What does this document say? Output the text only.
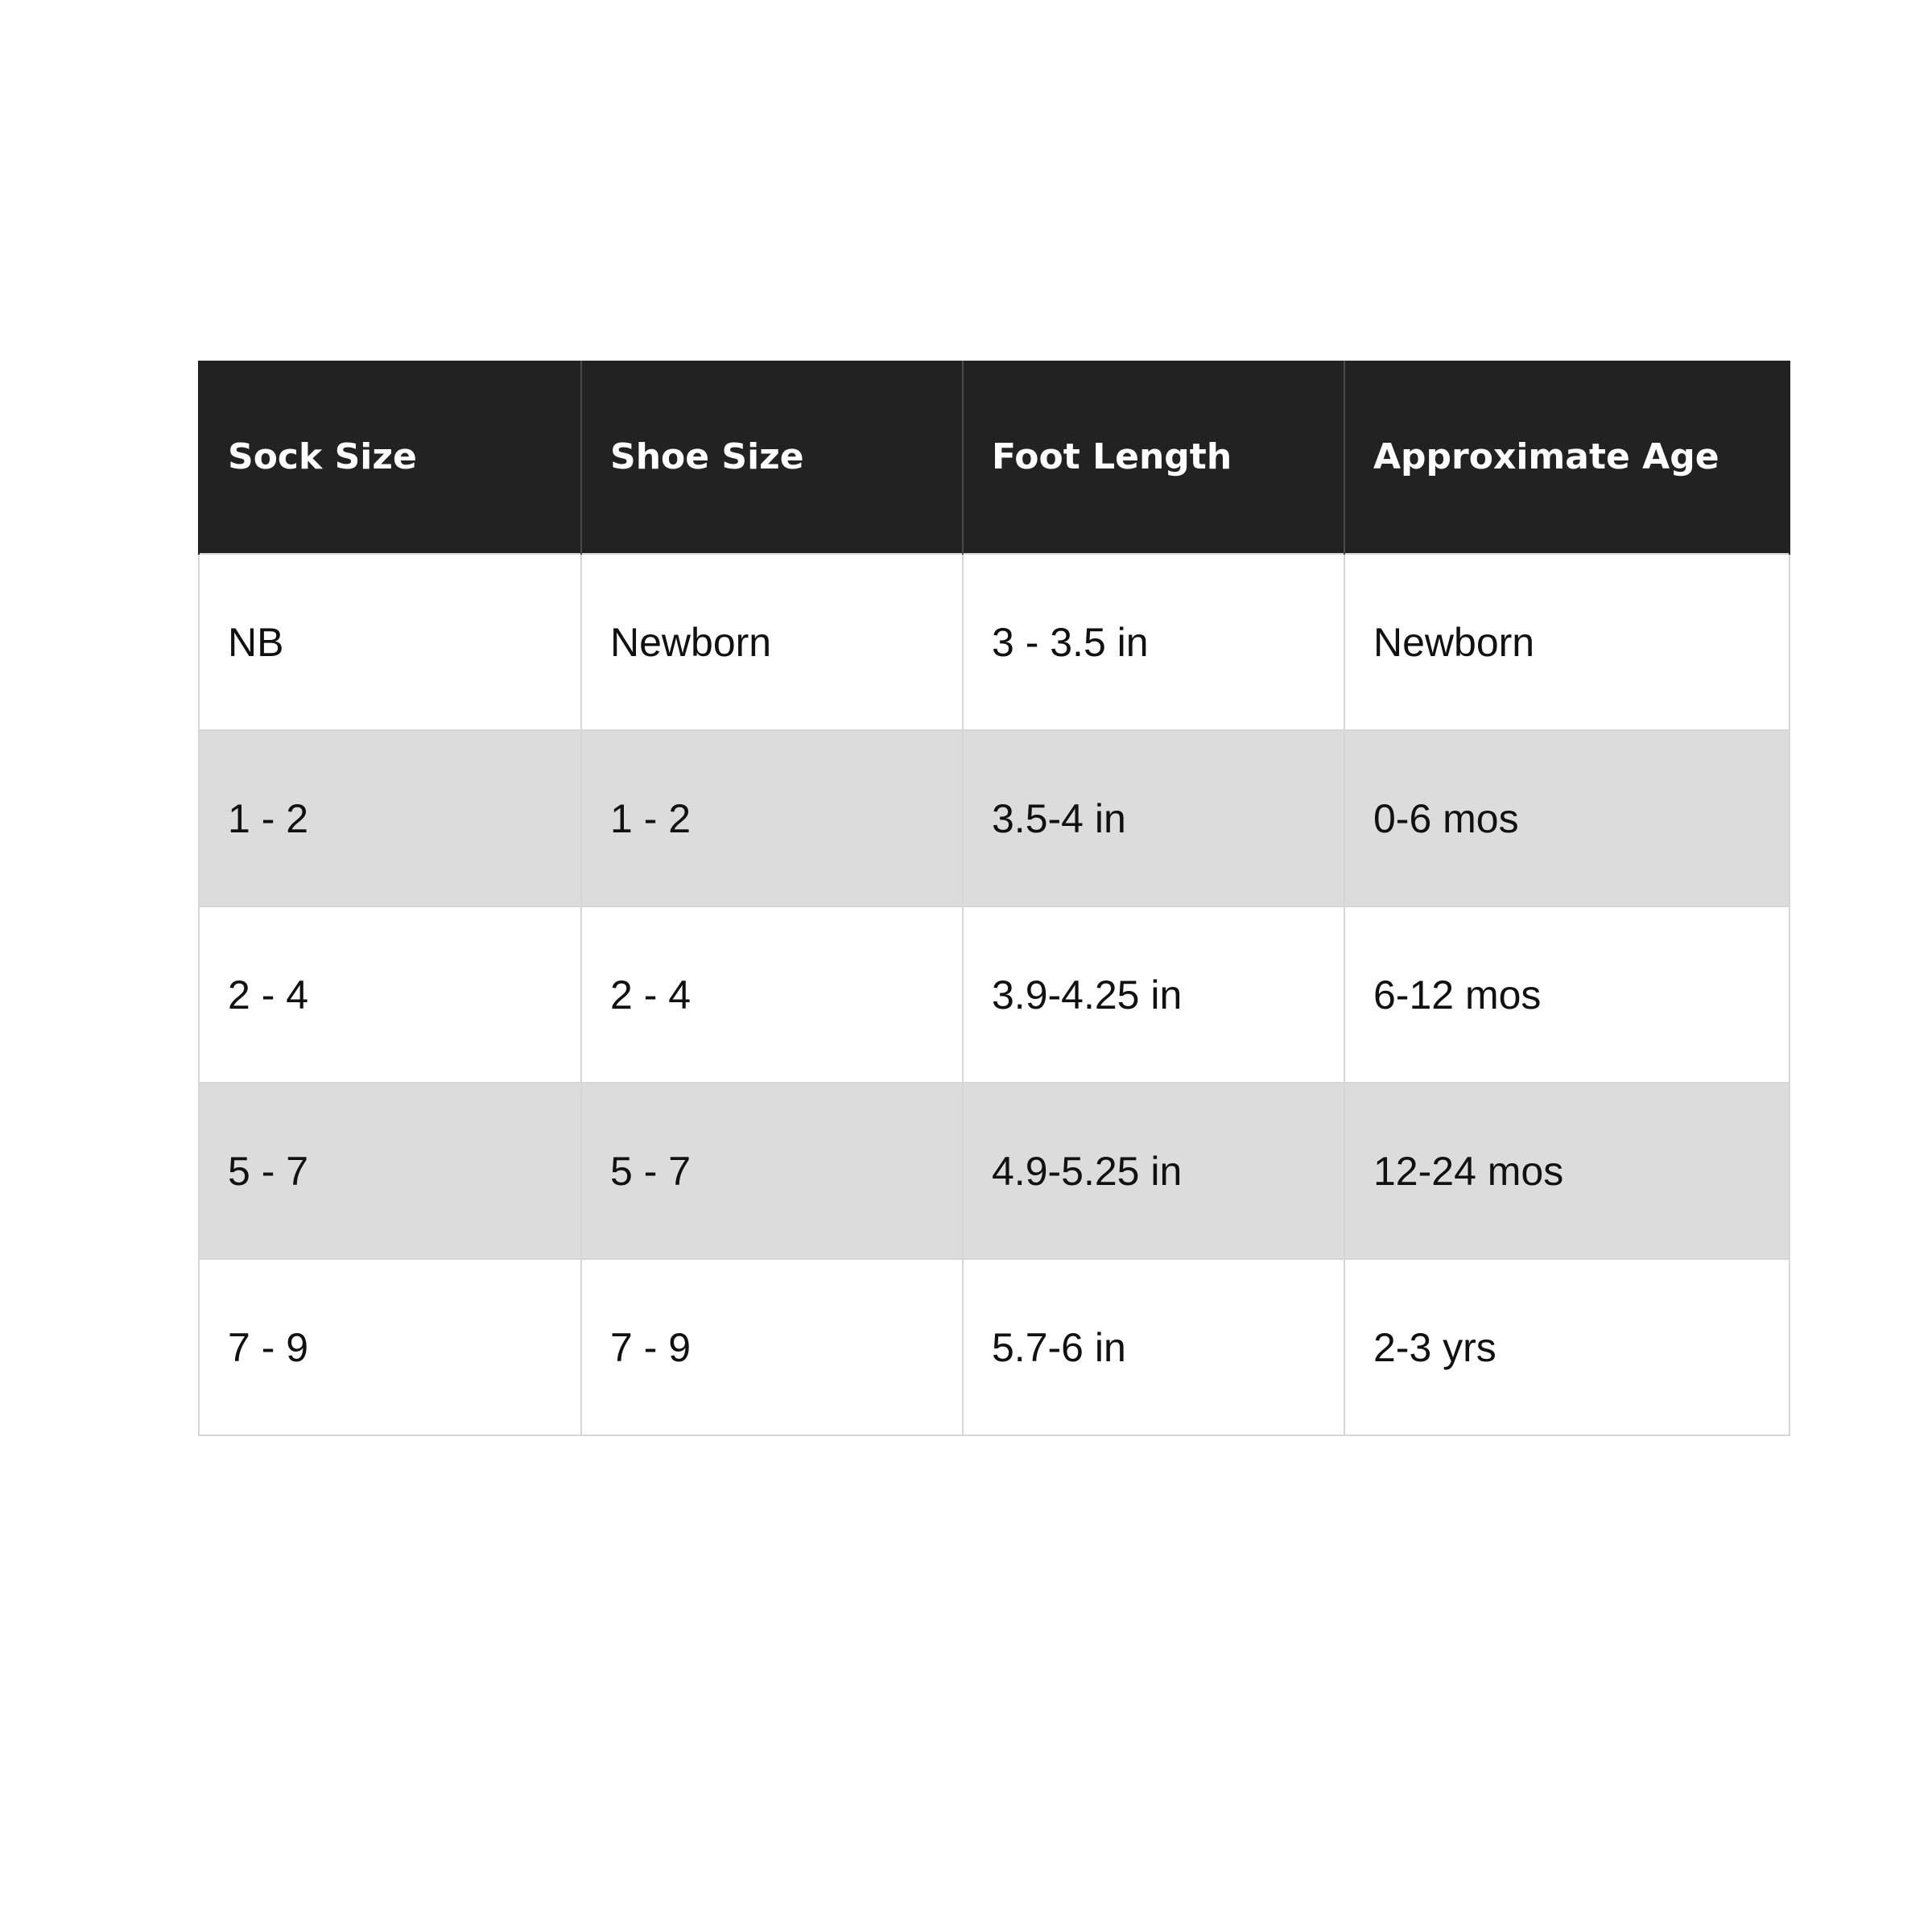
Sock Size	Shoe Size	Foot Length	Approximate Age
NB	Newborn	3 - 3.5 in	Newborn
1 - 2	1 - 2	3.5-4 in	0-6 mos
2 - 4	2 - 4	3.9-4.25 in	6-12 mos
5 - 7	5 - 7	4.9-5.25 in	12-24 mos
7 - 9	7 - 9	5.7-6 in	2-3 yrs
